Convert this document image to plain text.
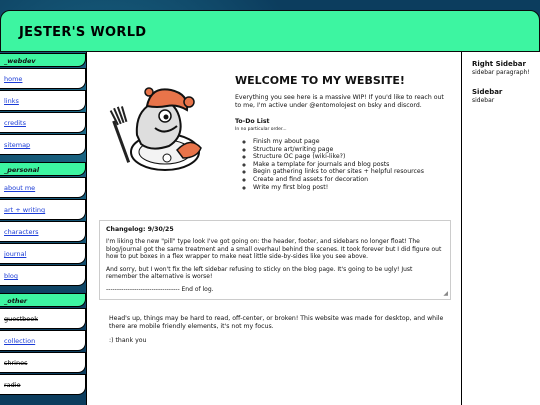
JESTER'S WORLD
_webdev
home
links
credits
sitemap
_personal
about me
art + writing
characters
journal
blog
_other
guestbook
collection
shrines
radio
WELCOME TO MY WEBSITE!

Everything you see here is a massive WIP! If you'd like to reach out to me, I'm active under @entomolojest on bsky and discord.

To-Do List

In no particular order...

◦ Finish my about page
◦ Structure art/writing page
◦ Structure OC page (wiki-like?)
◦ Make a template for journals and blog posts
◦ Begin gathering links to other sites + helpful resources
◦ Create and find assets for decoration
◦ Write my first blog post!

Changelog: 9/30/25

I'm liking the new "pill" type look I've got going on: the header, footer, and sidebars no longer float! The blog/journal got the same treatment and a small overhaul behind the scenes. It took forever but I did figure out how to put boxes in a flex wrapper to make neat little side-by-sides like you see above.

And sorry, but I won't fix the left sidebar refusing to sticky on the blog page. It's going to be ugly! Just remember the alternative is worse!

---------------------------------- End of log.

◢

Head's up, things may be hard to read, off-center, or broken! This website was made for desktop, and while there are mobile friendly elements, it's not my focus.

:) thank you

Right Sidebar

sidebar paragraph!

Sidebar

sidebar
